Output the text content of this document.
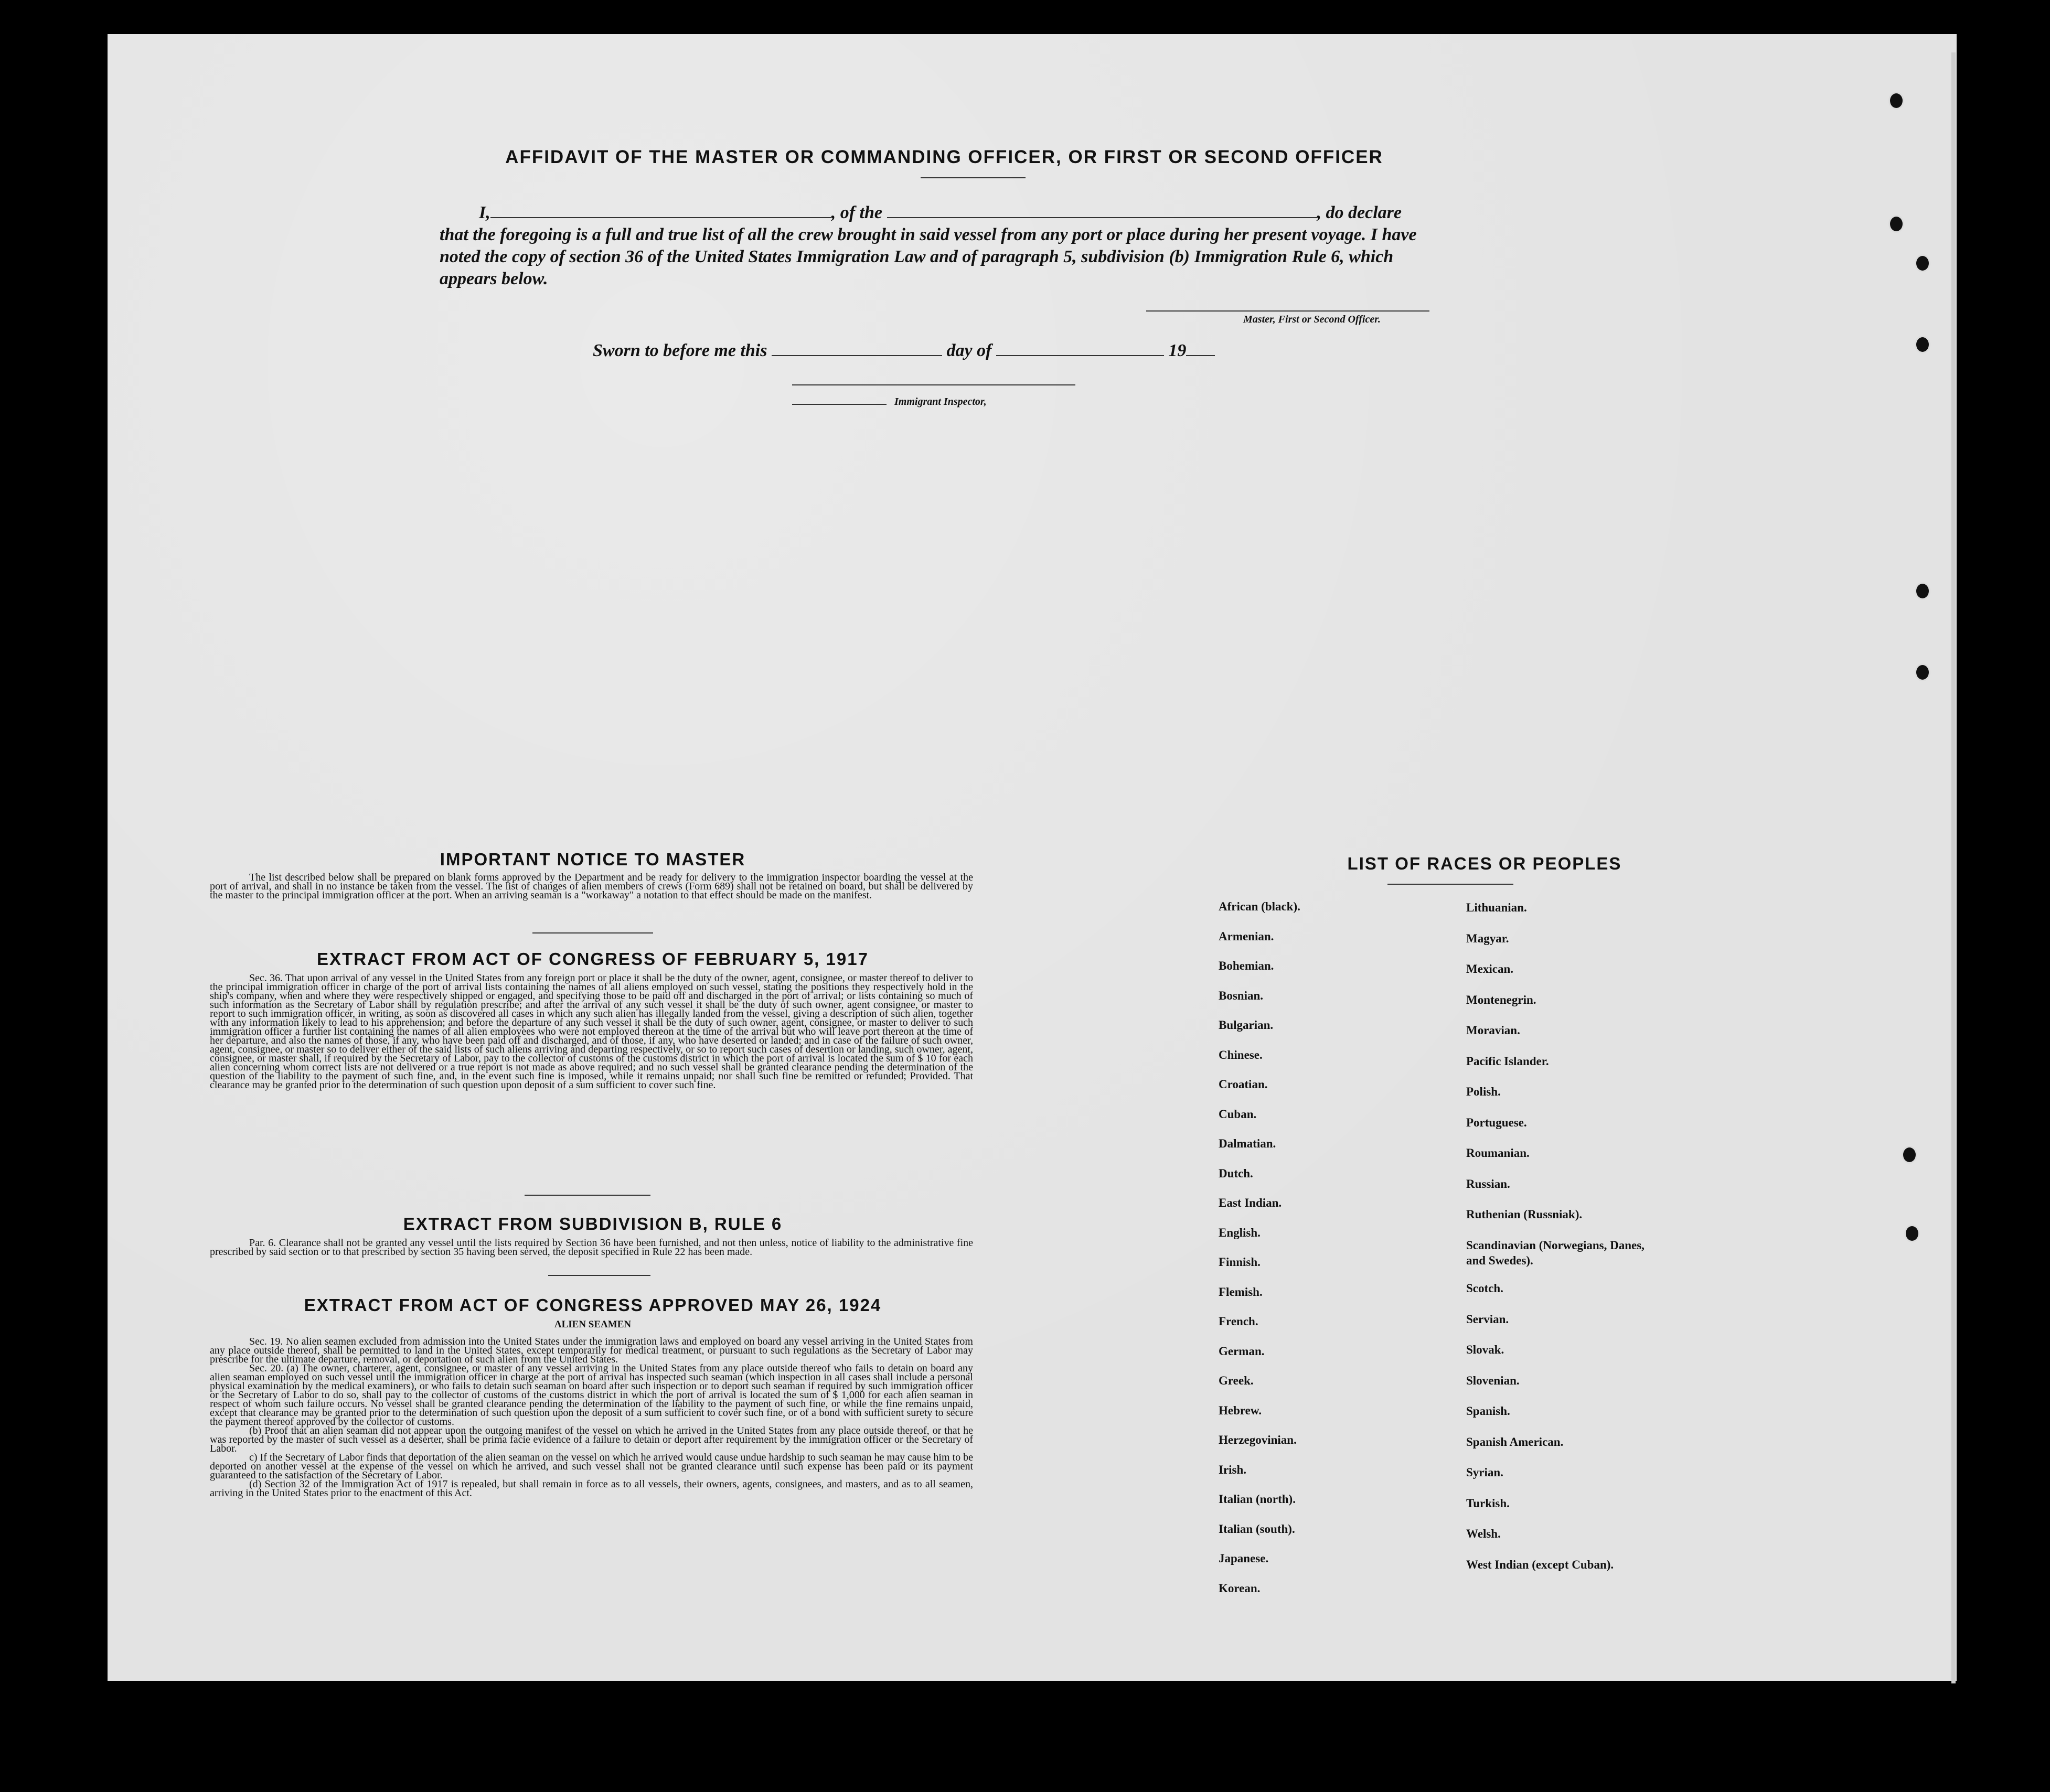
AFFIDAVIT OF THE MASTER OR COMMANDING OFFICER, OR FIRST OR SECOND OFFICER
I,	, of the	, do declare
that the foregoing is a full and true list of all the crew brought in said vessel from any port or place during her present voyage. I have noted the copy of section 36 of the United States Immigration Law and of paragraph 5, subdivision (b) Immigration Rule 6, which appears below.
Master, First or Second Officer.
Sworn to before me this	day of	19
Immigrant Inspector,
IMPORTANT NOTICE TO MASTER
The list described below shall be prepared on blank forms approved by the Department and be ready for delivery to the immigration inspector boarding the vessel at the port of arrival, and shall in no instance be taken from the vessel. The list of changes of alien members of crews (Form 689) shall not be retained on board, but shall be delivered by the master to the principal immigration officer at the port. When an arriving seaman is a "workaway" a notation to that effect should be made on the manifest.
EXTRACT FROM ACT OF CONGRESS OF FEBRUARY 5, 1917
Sec. 36. That upon arrival of any vessel in the United States from any foreign port or place it shall be the duty of the owner, agent, consignee, or master thereof to deliver to the principal immigration officer in charge of the port of arrival lists containing the names of all aliens employed on such vessel, stating the positions they respectively hold in the ship's company, when and where they were respectively shipped or engaged, and specifying those to be paid off and discharged in the port of arrival; or lists containing so much of such information as the Secretary of Labor shall by regulation prescribe; and after the arrival of any such vessel it shall be the duty of such owner, agent consignee, or master to report to such immigration officer, in writing, as soon as discovered all cases in which any such alien has illegally landed from the vessel, giving a description of such alien, together with any information likely to lead to his apprehension; and before the departure of any such vessel it shall be the duty of such owner, agent, consignee, or master to deliver to such immigration officer a further list containing the names of all alien employees who were not employed thereon at the time of the arrival but who will leave port thereon at the time of her departure, and also the names of those, if any, who have been paid off and discharged, and of those, if any, who have deserted or landed; and in case of the failure of such owner, agent, consignee, or master so to deliver either of the said lists of such aliens arriving and departing respectively, or so to report such cases of desertion or landing, such owner, agent, consignee, or master shall, if required by the Secretary of Labor, pay to the collector of customs of the customs district in which the port of arrival is located the sum of $ 10 for each alien concerning whom correct lists are not delivered or a true report is not made as above required; and no such vessel shall be granted clearance pending the determination of the question of the liability to the payment of such fine, and, in the event such fine is imposed, while it remains unpaid; nor shall such fine be remitted or refunded; Provided. That clearance may be granted prior to the determination of such question upon deposit of a sum sufficient to cover such fine.
EXTRACT FROM SUBDIVISION B, RULE 6
Par. 6. Clearance shall not be granted any vessel until the lists required by Section 36 have been furnished, and not then unless, notice of liability to the administrative fine prescribed by said section or to that prescribed by section 35 having been served, the deposit specified in Rule 22 has been made.
EXTRACT FROM ACT OF CONGRESS APPROVED MAY 26, 1924
ALIEN SEAMEN
Sec. 19. No alien seamen excluded from admission into the United States under the immigration laws and employed on board any vessel arriving in the United States from any place outside thereof, shall be permitted to land in the United States, except temporarily for medical treatment, or pursuant to such regulations as the Secretary of Labor may prescribe for the ultimate departure, removal, or deportation of such alien from the United States.
Sec. 20. (a) The owner, charterer, agent, consignee, or master of any vessel arriving in the United States from any place outside thereof who fails to detain on board any alien seaman employed on such vessel until the immigration officer in charge at the port of arrival has inspected such seaman (which inspection in all cases shall include a personal physical examination by the medical examiners), or who fails to detain such seaman on board after such inspection or to deport such seaman if required by such immigration officer or the Secretary of Labor to do so, shall pay to the collector of customs of the customs district in which the port of arrival is located the sum of $ 1,000 for each alien seaman in respect of whom such failure occurs. No vessel shall be granted clearance pending the determination of the liability to the payment of such fine, or while the fine remains unpaid, except that clearance may be granted prior to the determination of such question upon the deposit of a sum sufficient to cover such fine, or of a bond with sufficient surety to secure the payment thereof approved by the collector of customs.
(b) Proof that an alien seaman did not appear upon the outgoing manifest of the vessel on which he arrived in the United States from any place outside thereof, or that he was reported by the master of such vessel as a deserter, shall be prima facie evidence of a failure to detain or deport after requirement by the immigration officer or the Secretary of Labor.
c) If the Secretary of Labor finds that deportation of the alien seaman on the vessel on which he arrived would cause undue hardship to such seaman he may cause him to be deported on another vessel at the expense of the vessel on which he arrived, and such vessel shall not be granted clearance until such expense has been paid or its payment guaranteed to the satisfaction of the Secretary of Labor.
(d) Section 32 of the Immigration Act of 1917 is repealed, but shall remain in force as to all vessels, their owners, agents, consignees, and masters, and as to all seamen, arriving in the United States prior to the enactment of this Act.
LIST OF RACES OR PEOPLES
African (black).
Armenian.
Bohemian.
Bosnian.
Bulgarian.
Chinese.
Croatian.
Cuban.
Dalmatian.
Dutch.
East Indian.
English.
Finnish.
Flemish.
French.
German.
Greek.
Hebrew.
Herzegovinian.
Irish.
Italian (north).
Italian (south).
Japanese.
Korean.
Lithuanian.
Magyar.
Mexican.
Montenegrin.
Moravian.
Pacific Islander.
Polish.
Portuguese.
Roumanian.
Russian.
Ruthenian (Russniak).
Scandinavian (Norwegians, Danes, and Swedes).
Scotch.
Servian.
Slovak.
Slovenian.
Spanish.
Spanish American.
Syrian.
Turkish.
Welsh.
West Indian (except Cuban).
